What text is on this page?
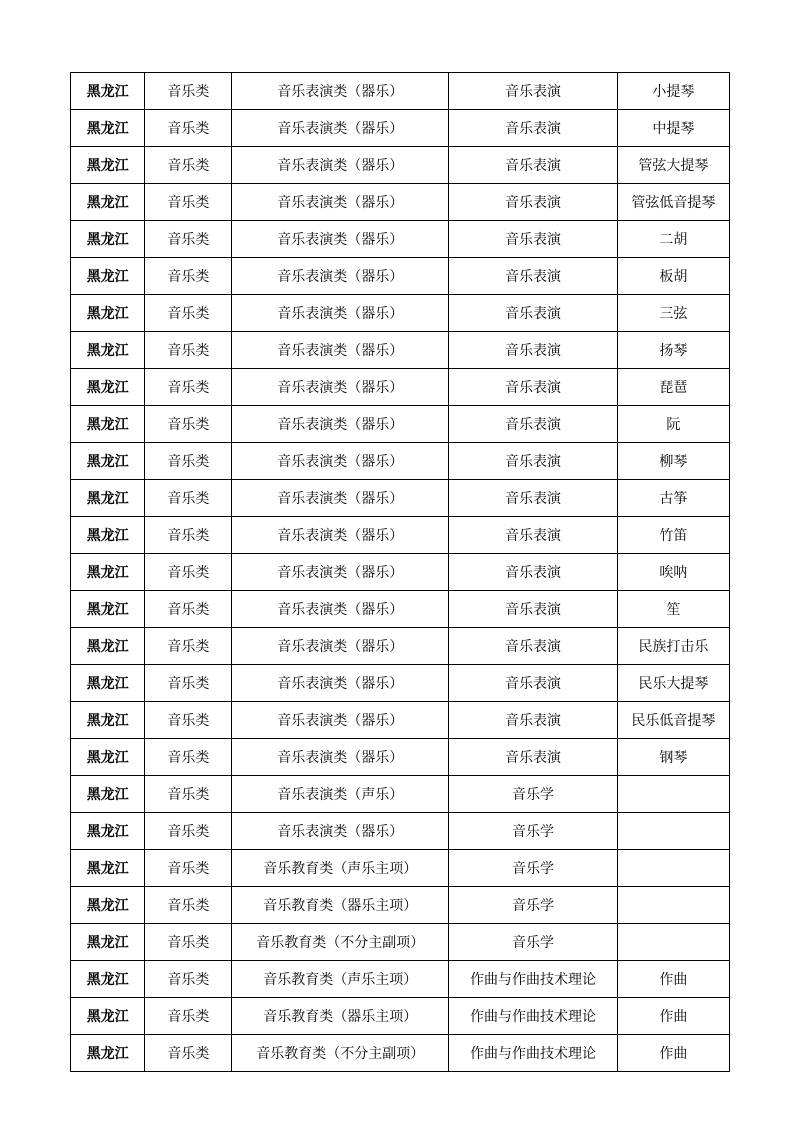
黑龙江	音乐类	音乐表演类（器乐）	音乐表演	小提琴
黑龙江	音乐类	音乐表演类（器乐）	音乐表演	中提琴
黑龙江	音乐类	音乐表演类（器乐）	音乐表演	管弦大提琴
黑龙江	音乐类	音乐表演类（器乐）	音乐表演	管弦低音提琴
黑龙江	音乐类	音乐表演类（器乐）	音乐表演	二胡
黑龙江	音乐类	音乐表演类（器乐）	音乐表演	板胡
黑龙江	音乐类	音乐表演类（器乐）	音乐表演	三弦
黑龙江	音乐类	音乐表演类（器乐）	音乐表演	扬琴
黑龙江	音乐类	音乐表演类（器乐）	音乐表演	琵琶
黑龙江	音乐类	音乐表演类（器乐）	音乐表演	阮
黑龙江	音乐类	音乐表演类（器乐）	音乐表演	柳琴
黑龙江	音乐类	音乐表演类（器乐）	音乐表演	古筝
黑龙江	音乐类	音乐表演类（器乐）	音乐表演	竹笛
黑龙江	音乐类	音乐表演类（器乐）	音乐表演	唉呐
黑龙江	音乐类	音乐表演类（器乐）	音乐表演	笙
黑龙江	音乐类	音乐表演类（器乐）	音乐表演	民族打击乐
黑龙江	音乐类	音乐表演类（器乐）	音乐表演	民乐大提琴
黑龙江	音乐类	音乐表演类（器乐）	音乐表演	民乐低音提琴
黑龙江	音乐类	音乐表演类（器乐）	音乐表演	钢琴
黑龙江	音乐类	音乐表演类（声乐）	音乐学	
黑龙江	音乐类	音乐表演类（器乐）	音乐学	
黑龙江	音乐类	音乐教育类（声乐主项）	音乐学	
黑龙江	音乐类	音乐教育类（器乐主项）	音乐学	
黑龙江	音乐类	音乐教育类（不分主副项）	音乐学	
黑龙江	音乐类	音乐教育类（声乐主项）	作曲与作曲技术理论	作曲
黑龙江	音乐类	音乐教育类（器乐主项）	作曲与作曲技术理论	作曲
黑龙江	音乐类	音乐教育类（不分主副项）	作曲与作曲技术理论	作曲
